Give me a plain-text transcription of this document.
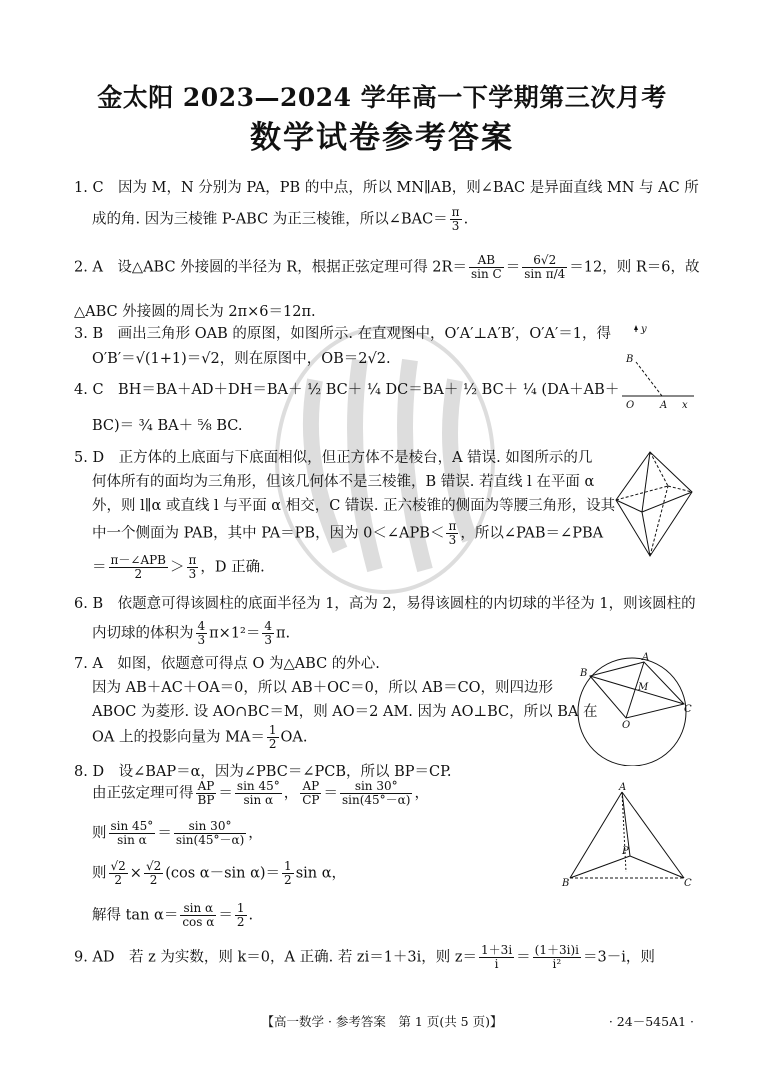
金太阳 2023—2024 学年高一下学期第三次月考
数学试卷参考答案
1. C　因为 M，N 分别为 PA，PB 的中点，所以 MN∥AB，则∠BAC 是异面直线 MN 与 AC 所
成的角. 因为三棱锥 P-ABC 为正三棱锥，所以∠BAC＝ $\frac{\pi}{3}$ .
2. A　设△ABC 外接圆的半径为 R，根据正弦定理可得 $2R= \frac{AB}{\text{sin C}} = \frac{6√2}{\text{sin π/4}} =12$，则 R＝6，故
△ABC 外接圆的周长为 2π×6＝12π.
3. B　画出三角形 OAB 的原图，如图所示. 在直观图中，O′A′⊥A′B′，O′A′＝1，得
O′B′＝√(1+1)＝√2，则在原图中，OB＝2√2.
y
B
O	A x
4. C　BH＝BA＋AD＋DH＝BA＋ ½ BC＋ ¼ DC＝BA＋ ½ BC＋ ¼ (DA＋AB＋
BC)＝ ¾ BA＋ ⅝ BC.
5. D　正方体的上底面与下底面相似，但正方体不是棱台，A 错误. 如图所示的几
何体所有的面均为三角形，但该几何体不是三棱锥，B 错误. 若直线 l 在平面 α
外，则 l∥α 或直线 l 与平面 α 相交，C 错误. 正六棱锥的侧面为等腰三角形，设其
中一个侧面为 PAB，其中 PA＝PB，因为 0＜∠APB＜ $\frac{\pi}{3}$ ，所以∠PAB＝∠PBA
＝ $\frac{\text{π－∠APB}}{2} > \frac{\pi}{3}$ ，D 正确.
6. B　依题意可得该圆柱的底面半径为 1，高为 2，易得该圆柱的内切球的半径为 1，则该圆柱的
内切球的体积为 $\frac{4}{3} \pi\times 1^2= \frac{4}{3} \pi$.
7. A　如图，依题意可得点 O 为△ABC 的外心.
因为 AB＋AC＋OA＝0，所以 AB＋OC＝0，所以 AB＝CO，则四边形
ABOC 为菱形. 设 AO∩BC＝M，则 AO＝2 AM. 因为 AO⊥BC，所以 BA 在
OA 上的投影向量为 $MA= \frac{1}{2}$ OA.
A
B
M
O
C
8. D　设∠BAP＝α，因为∠PBC＝∠PCB，所以 BP＝CP.
由正弦定理可得 $\frac{AP}{BP} = \frac{\sin 45^\circ}{\text{sin α}}$ ， $\frac{AP}{CP} = \frac{\sin 30^\circ}{\sin(45^\circ-\alpha)}$ ，
则 $\frac{\sin 45^\circ}{\text{sin α}} = \frac{\sin 30^\circ}{\sin(45^\circ-\alpha)}$ ，
则 $\frac{√2}{2} \times \frac{√2}{2} (\cos$ α－sin $\alpha)= \frac{1}{2}$ sin α，
解得 $\tan \alpha= \frac{\text{sin α}}{\text{cos α}} = \frac{1}{2}$ .
A
P
B	C
9. AD　若 z 为实数，则 k＝0，A 正确. 若 zi＝1＋3i，则 $z= \frac{1+3i}{i} = \frac{(1+3i)i}{\text{i²}} =3-i$，则
【高一数学 · 参考答案　第 1 页(共 5 页)】	· 24－545A1 ·
